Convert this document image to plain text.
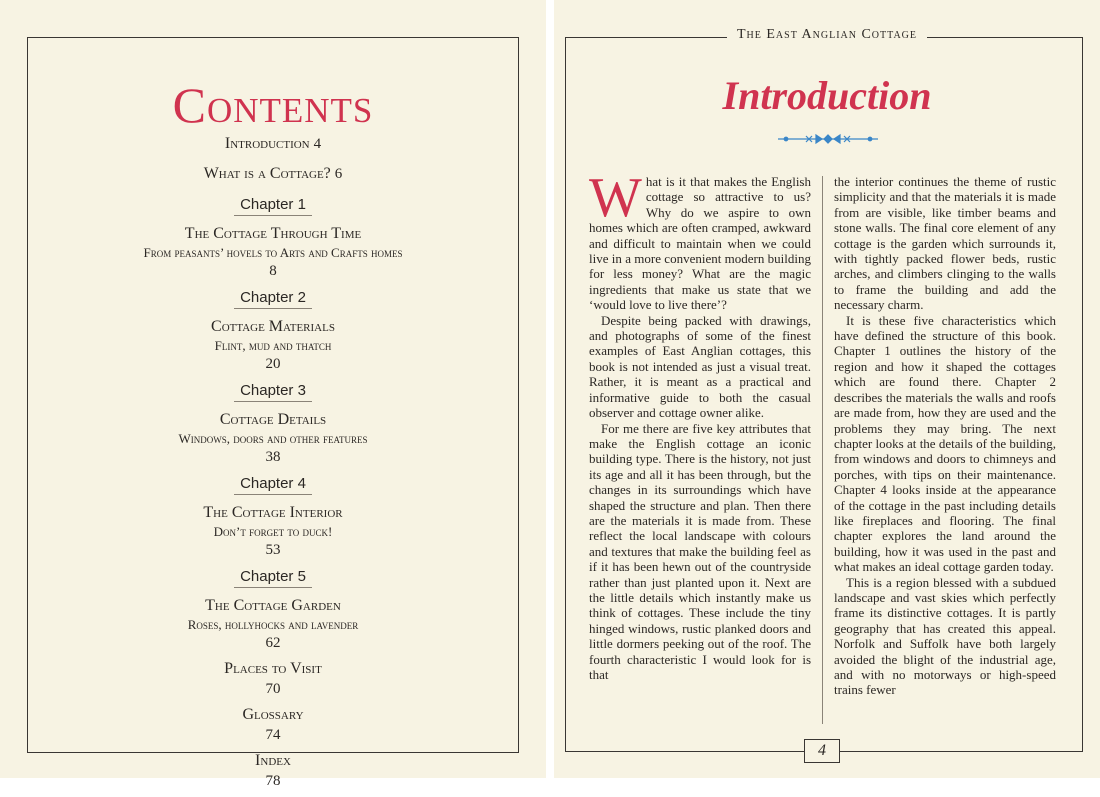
Contents
Introduction 4
What is a Cottage? 6
Chapter 1
The Cottage Through Time
From peasants’ hovels to Arts and Crafts homes
8
Chapter 2
Cottage Materials
Flint, mud and thatch
20
Chapter 3
Cottage Details
Windows, doors and other features
38
Chapter 4
The Cottage Interior
Don’t forget to duck!
53
Chapter 5
The Cottage Garden
Roses, hollyhocks and lavender
62
Places to Visit
70
Glossary
74
Index
78
The East Anglian Cottage
Introduction

What is it that makes the English cottage so attractive to us? Why do we aspire to own homes which are often cramped, awkward and difficult to maintain when we could live in a more convenient modern building for less money? What are the magic ingredients that make us state that we ‘would love to live there’?

Despite being packed with drawings, and photographs of some of the finest examples of East Anglian cottages, this book is not intended as just a visual treat. Rather, it is meant as a practical and informative guide to both the casual observer and cottage owner alike.

For me there are five key attributes that make the English cottage an iconic building type. There is the history, not just its age and all it has been through, but the changes in its surroundings which have shaped the structure and plan. Then there are the materials it is made from. These reflect the local landscape with colours and textures that make the building feel as if it has been hewn out of the countryside rather than just planted upon it. Next are the little details which instantly make us think of cottages. These include the tiny hinged windows, rustic planked doors and little dormers peeking out of the roof. The fourth characteristic I would look for is that

the interior continues the theme of rustic simplicity and that the materials it is made from are visible, like timber beams and stone walls. The final core element of any cottage is the garden which surrounds it, with tightly packed flower beds, rustic arches, and climbers clinging to the walls to frame the building and add the necessary charm.

It is these five characteristics which have defined the structure of this book. Chapter 1 outlines the history of the region and how it shaped the cottages which are found there. Chapter 2 describes the materials the walls and roofs are made from, how they are used and the problems they may bring. The next chapter looks at the details of the building, from windows and doors to chimneys and porches, with tips on their maintenance. Chapter 4 looks inside at the appearance of the cottage in the past including details like fireplaces and flooring. The final chapter explores the land around the building, how it was used in the past and what makes an ideal cottage garden today.

This is a region blessed with a subdued landscape and vast skies which perfectly frame its distinctive cottages. It is partly geography that has created this appeal. Norfolk and Suffolk have both largely avoided the blight of the industrial age, and with no motorways or high-speed trains fewer

4
